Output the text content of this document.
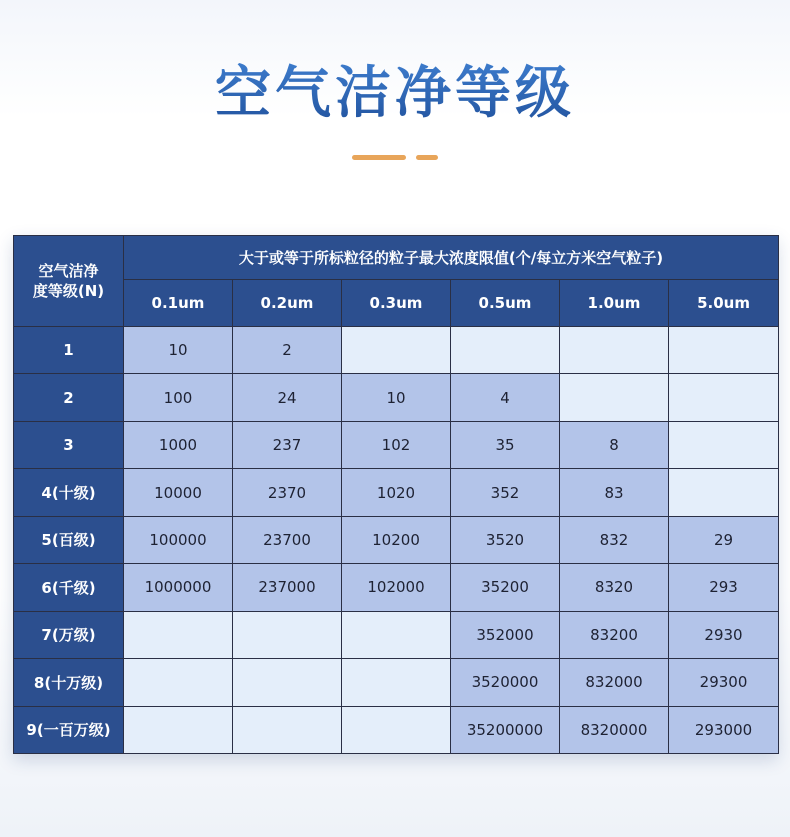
空气洁净等级
空气洁净
度等级(N)	大于或等于所标粒径的粒子最大浓度限值(个/每立方米空气粒子)					
	0.1um	0.2um	0.3um	0.5um	1.0um	5.0um
1	10	2				
2	100	24	10	4		
3	1000	237	102	35	8	
4(十级)	10000	2370	1020	352	83	
5(百级)	100000	23700	10200	3520	832	29
6(千级)	1000000	237000	102000	35200	8320	293
7(万级)				352000	83200	2930
8(十万级)				3520000	832000	29300
9(一百万级)				35200000	8320000	293000
